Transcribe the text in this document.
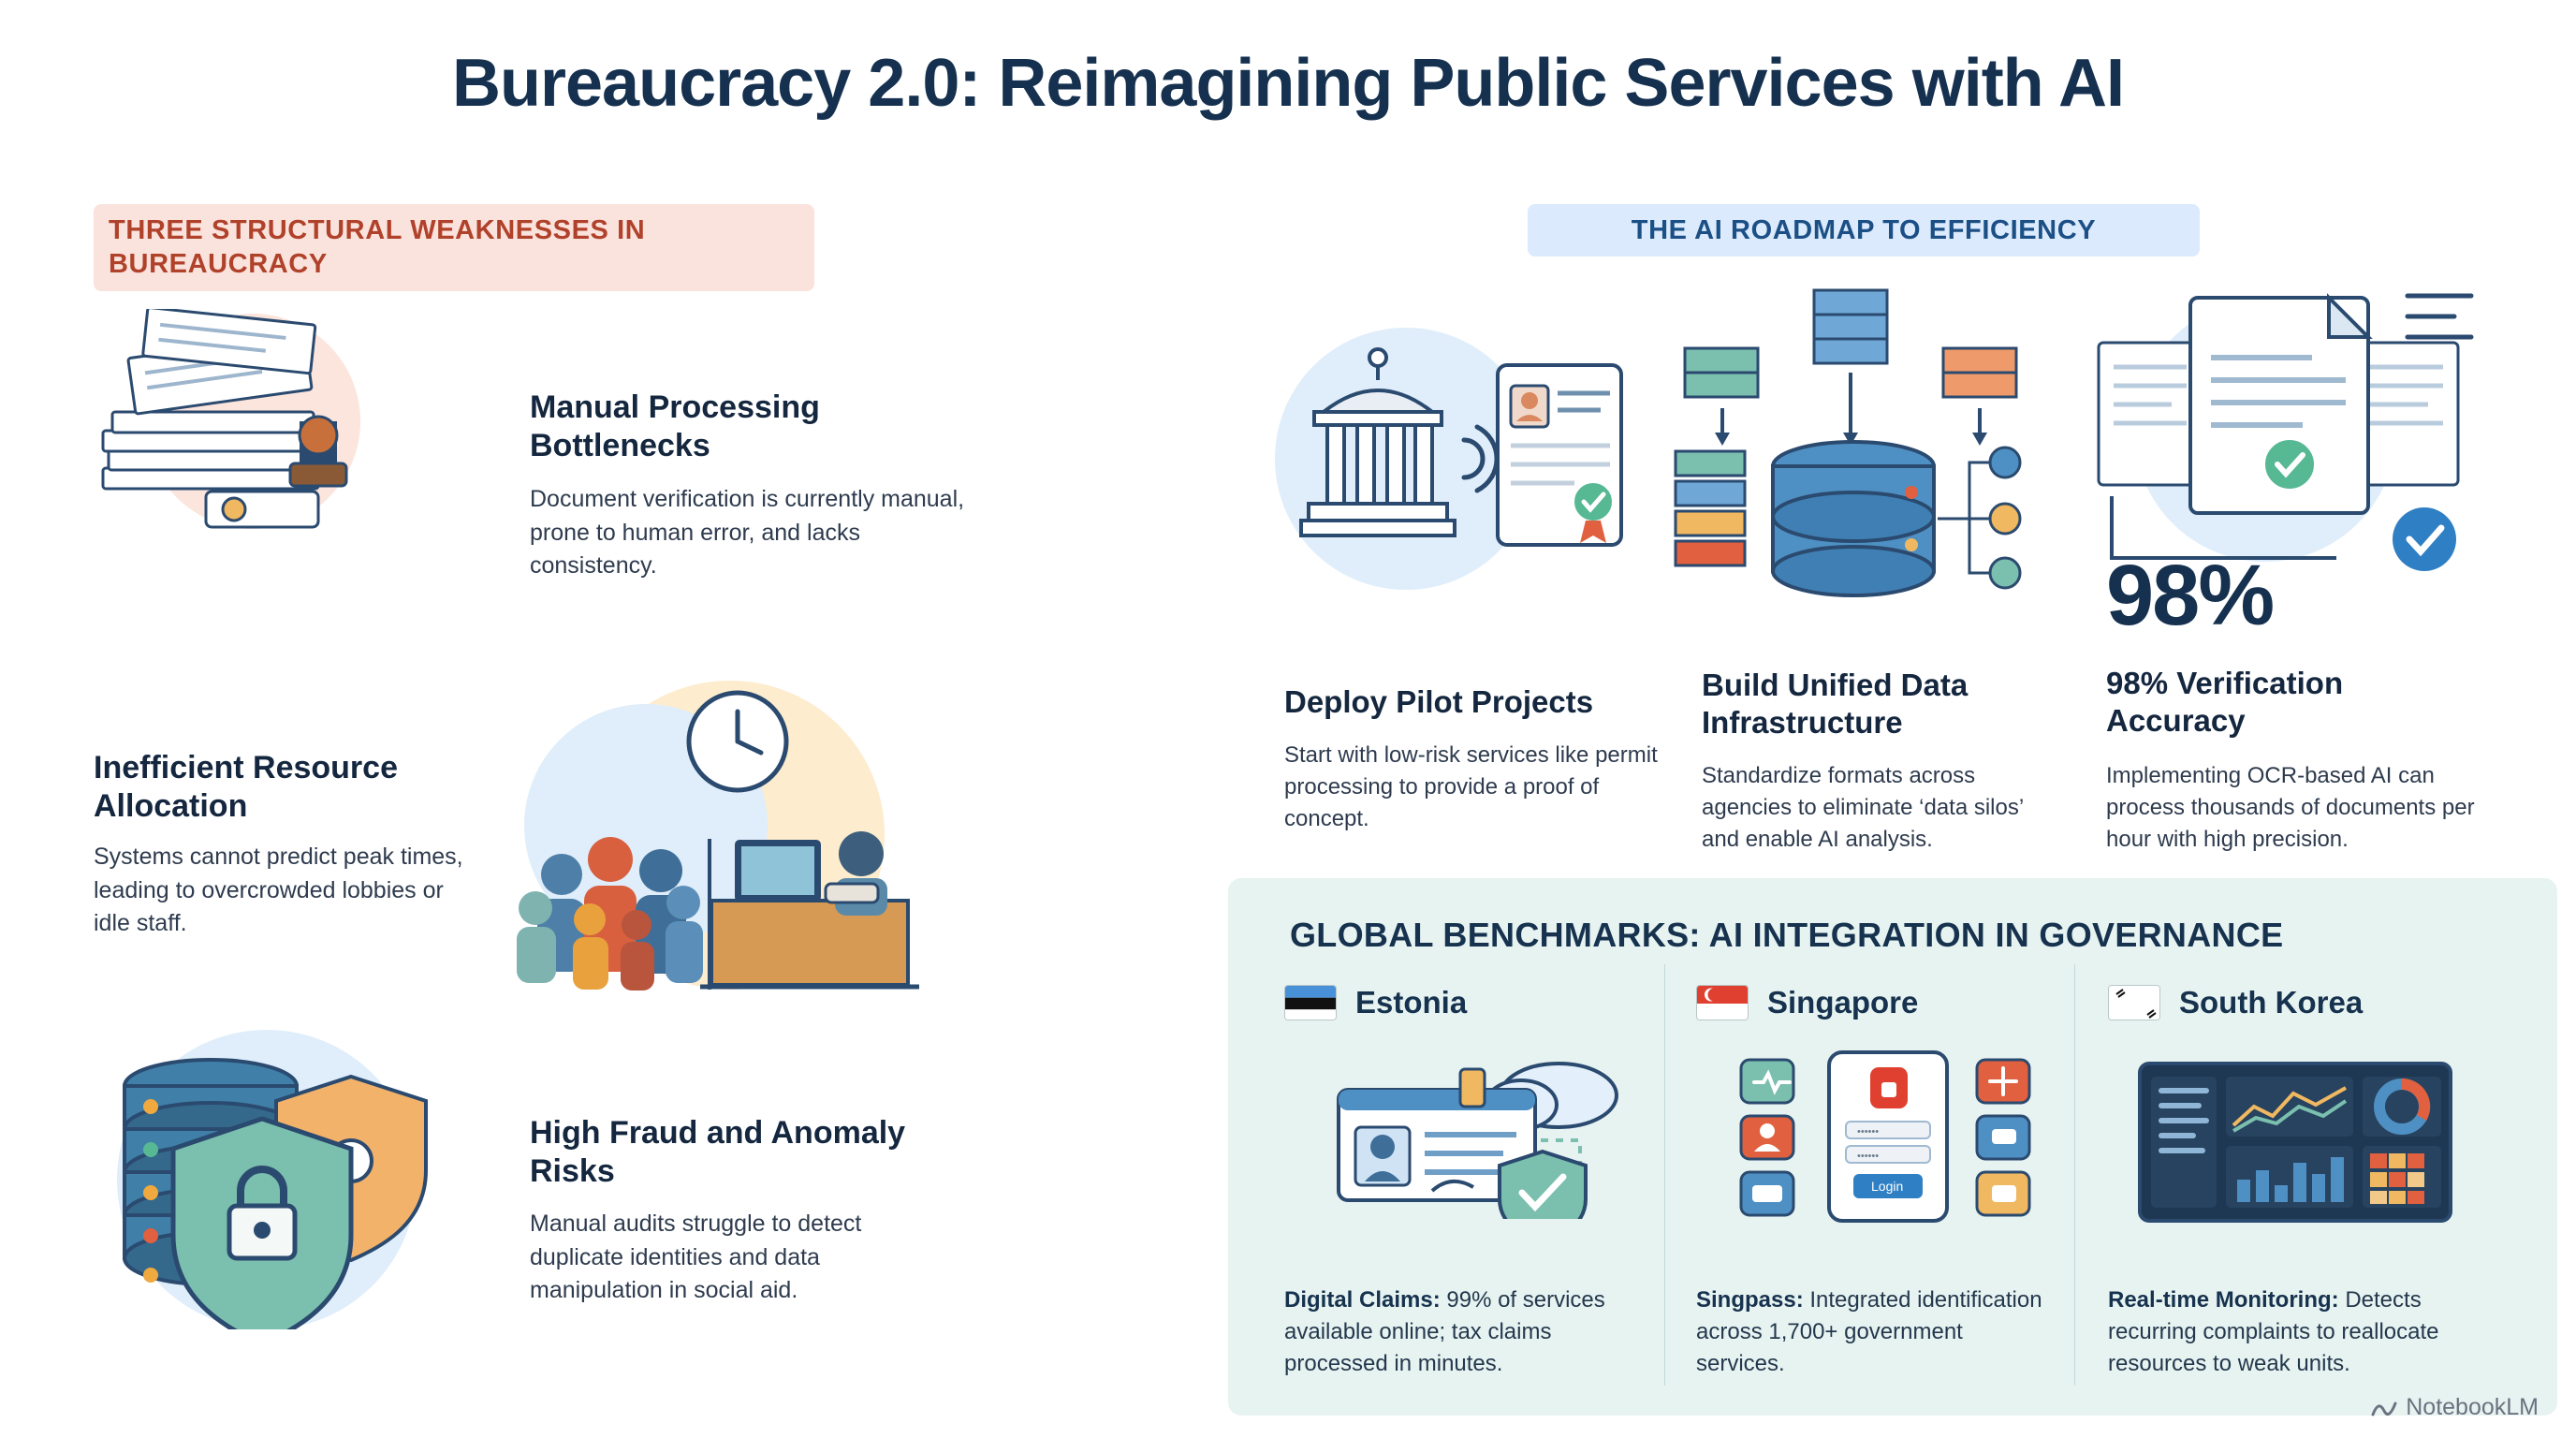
Bureaucracy 2.0: Reimagining Public Services with AI
THREE STRUCTURAL WEAKNESSES IN BUREAUCRACY
THE AI ROADMAP TO EFFICIENCY
Manual Processing Bottlenecks
Document verification is currently manual, prone to human error, and lacks consistency.
Inefficient Resource Allocation
Systems cannot predict peak times, leading to overcrowded lobbies or idle staff.
High Fraud and Anomaly Risks
Manual audits struggle to detect duplicate identities and data manipulation in social aid.
Deploy Pilot Projects
Start with low-risk services like permit processing to provide a proof of concept.
Build Unified Data Infrastructure
Standardize formats across agencies to eliminate ‘data silos’ and enable AI analysis.
98%
98% Verification Accuracy
Implementing OCR-based AI can process thousands of documents per hour with high precision.
GLOBAL BENCHMARKS: AI INTEGRATION IN GOVERNANCE
Estonia
Digital Claims: 99% of services available online; tax claims processed in minutes.
Singapore
••••••
••••••
Login
Singpass: Integrated identification across 1,700+ government services.
South Korea
Real-time Monitoring: Detects recurring complaints to reallocate resources to weak units.
NotebookLM
